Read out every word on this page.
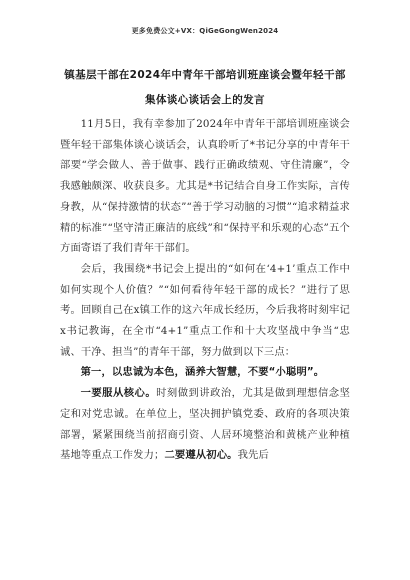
更多免费公文+VX：QiGeGongWen2024
镇基层干部在2024年中青年干部培训班座谈会暨年轻干部
集体谈心谈话会上的发言

11月5日，我有幸参加了2024年中青年干部培训班座谈会暨年轻干部集体谈心谈话会，认真聆听了*书记分享的中青年干部要“学会做人、善于做事、践行正确政绩观、守住清廉”，令我感触颇深、收获良多。尤其是*书记结合自身工作实际，言传身教，从“保持激情的状态”“善于学习动脑的习惯”“追求精益求精的标准”“坚守清正廉洁的底线”和“保持平和乐观的心态”五个方面寄语了我们青年干部们。

会后，我围绕*书记会上提出的“如何在‘4+1’重点工作中如何实现个人价值？”“如何看待年轻干部的成长？”进行了思考。回顾自己在x镇工作的这六年成长经历，今后我将时刻牢记x书记教诲，在全市“4+1”重点工作和十大攻坚战中争当“忠诚、干净、担当”的青年干部，努力做到以下三点：

第一，以忠诚为本色，涵养大智慧，不要“小聪明”。

一要服从核心。时刻做到讲政治，尤其是做到理想信念坚定和对党忠诚。在单位上，坚决拥护镇党委、政府的各项决策部署，紧紧围绕当前招商引资、人居环境整治和黄桃产业种植基地等重点工作发力；二要遵从初心。我先后
